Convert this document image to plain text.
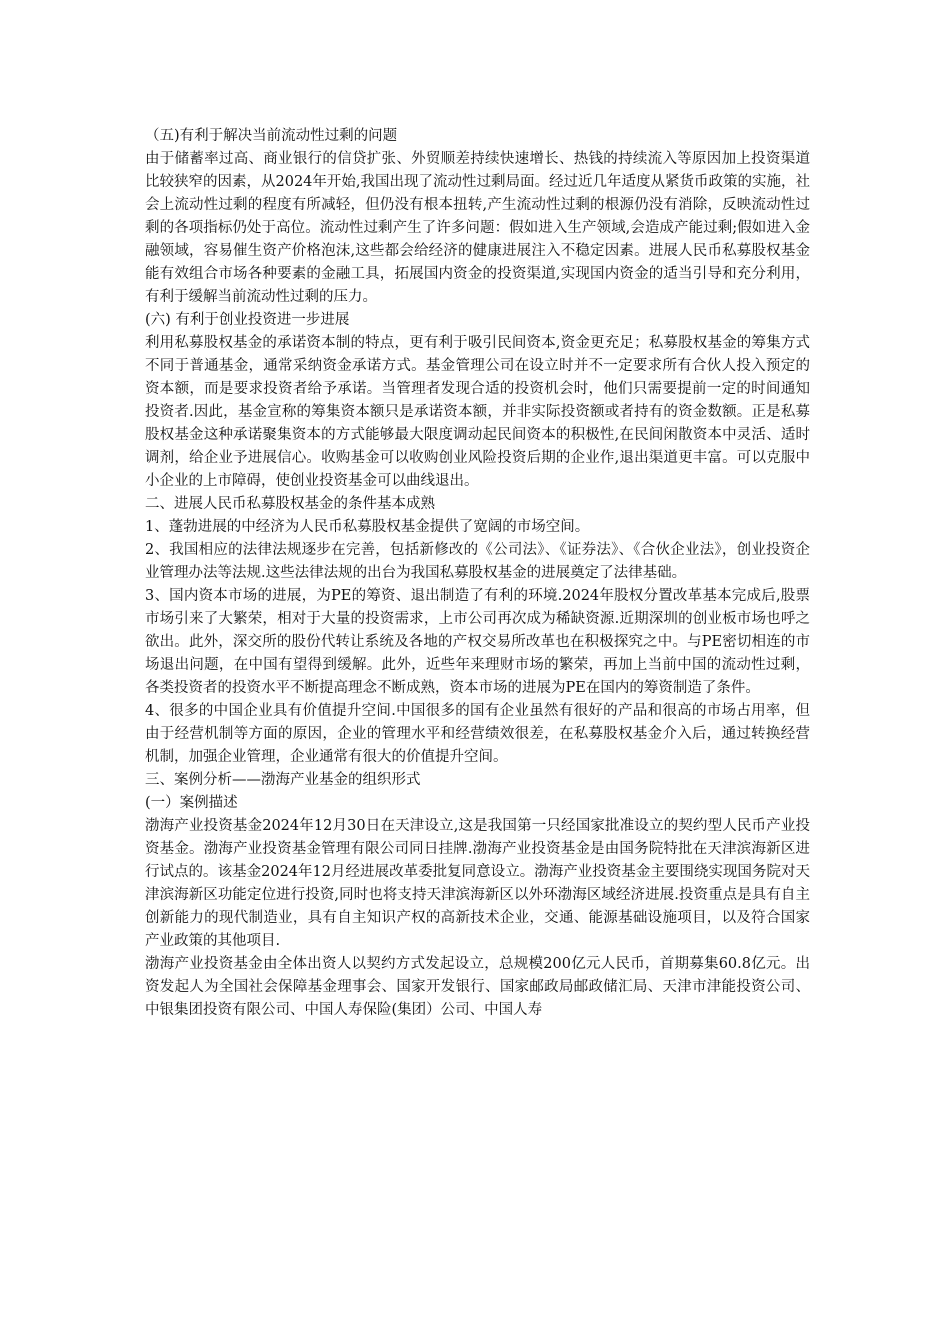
（五)有利于解决当前流动性过剩的问题

由于储蓄率过高、商业银行的信贷扩张、外贸顺差持续快速增长、热钱的持续流入等原因加上投资渠道比较狭窄的因素，从2024年开始,我国出现了流动性过剩局面。经过近几年适度从紧货币政策的实施，社会上流动性过剩的程度有所减轻，但仍没有根本扭转,产生流动性过剩的根源仍没有消除，反映流动性过剩的各项指标仍处于高位。流动性过剩产生了许多问题：假如进入生产领域,会造成产能过剩;假如进入金融领域，容易催生资产价格泡沫,这些都会给经济的健康进展注入不稳定因素。进展人民币私募股权基金能有效组合市场各种要素的金融工具，拓展国内资金的投资渠道,实现国内资金的适当引导和充分利用，有利于缓解当前流动性过剩的压力。

(六) 有利于创业投资进一步进展

利用私募股权基金的承诺资本制的特点，更有利于吸引民间资本,资金更充足；私募股权基金的筹集方式不同于普通基金，通常采纳资金承诺方式。基金管理公司在设立时并不一定要求所有合伙人投入预定的资本额，而是要求投资者给予承诺。当管理者发现合适的投资机会时，他们只需要提前一定的时间通知投资者.因此，基金宣称的筹集资本额只是承诺资本额，并非实际投资额或者持有的资金数额。正是私募股权基金这种承诺聚集资本的方式能够最大限度调动起民间资本的积极性,在民间闲散资本中灵活、适时调剂，给企业予进展信心。收购基金可以收购创业风险投资后期的企业作,退出渠道更丰富。可以克服中小企业的上市障碍，使创业投资基金可以曲线退出。

二、进展人民币私募股权基金的条件基本成熟

1、蓬勃进展的中经济为人民币私募股权基金提供了宽阔的市场空间。

2、我国相应的法律法规逐步在完善，包括新修改的《公司法》、《证券法》、《合伙企业法》，创业投资企业管理办法等法规.这些法律法规的出台为我国私募股权基金的进展奠定了法律基础。

3、国内资本市场的进展，为PE的筹资、退出制造了有利的环境.2024年股权分置改革基本完成后,股票市场引来了大繁荣，相对于大量的投资需求，上市公司再次成为稀缺资源.近期深圳的创业板市场也呼之欲出。此外，深交所的股份代转让系统及各地的产权交易所改革也在积极探究之中。与PE密切相连的市场退出问题，在中国有望得到缓解。此外，近些年来理财市场的繁荣，再加上当前中国的流动性过剩，各类投资者的投资水平不断提高理念不断成熟，资本市场的进展为PE在国内的筹资制造了条件。

4、很多的中国企业具有价值提升空间.中国很多的国有企业虽然有很好的产品和很高的市场占用率，但由于经营机制等方面的原因，企业的管理水平和经营绩效很差，在私募股权基金介入后，通过转换经营机制，加强企业管理，企业通常有很大的价值提升空间。

三、案例分析——渤海产业基金的组织形式

(一）案例描述

渤海产业投资基金2024年12月30日在天津设立,这是我国第一只经国家批准设立的契约型人民币产业投资基金。渤海产业投资基金管理有限公司同日挂牌.渤海产业投资基金是由国务院特批在天津滨海新区进行试点的。该基金2024年12月经进展改革委批复同意设立。渤海产业投资基金主要围绕实现国务院对天津滨海新区功能定位进行投资,同时也将支持天津滨海新区以外环渤海区域经济进展.投资重点是具有自主创新能力的现代制造业，具有自主知识产权的高新技术企业，交通、能源基础设施项目，以及符合国家产业政策的其他项目.

渤海产业投资基金由全体出资人以契约方式发起设立，总规模200亿元人民币，首期募集60.8亿元。出资发起人为全国社会保障基金理事会、国家开发银行、国家邮政局邮政储汇局、天津市津能投资公司、中银集团投资有限公司、中国人寿保险(集团）公司、中国人寿
